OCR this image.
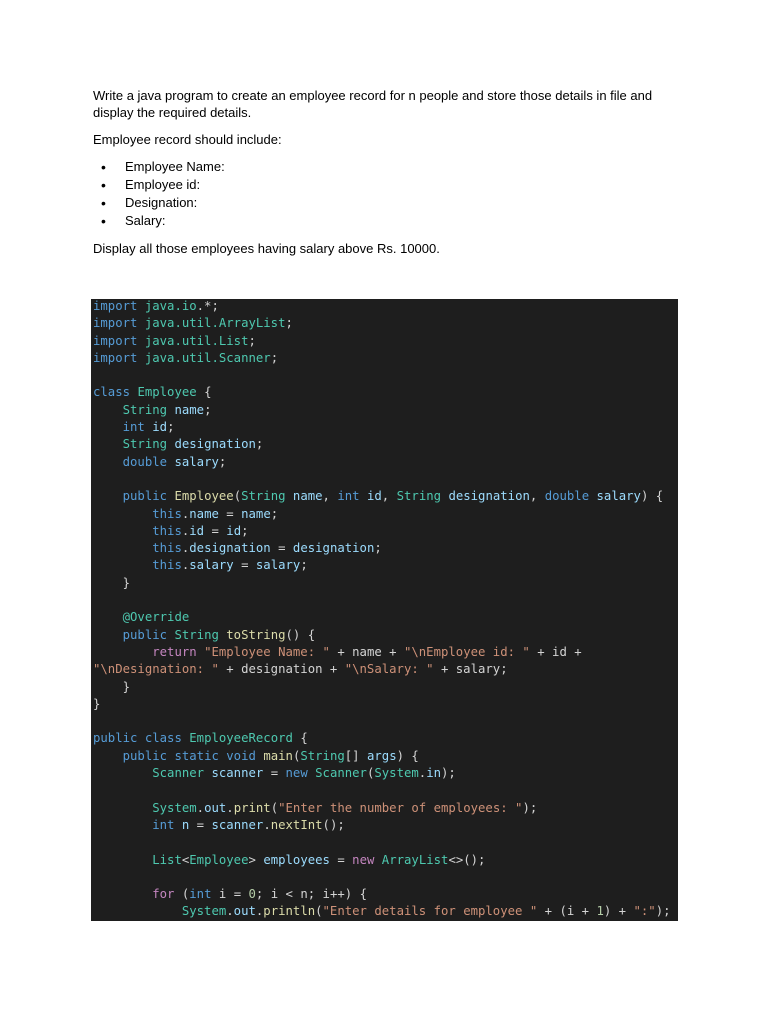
Write a java program to create an employee record for n people and store those details in file and

display the required details.

Employee record should include:

• Employee Name:
• Employee id:
• Designation:
• Salary:

Display all those employees having salary above Rs. 10000.

import java.io.*;
import java.util.ArrayList;
import java.util.List;
import java.util.Scanner;

class Employee {
String name;
int id;
String designation;
double salary;

public Employee(String name, int id, String designation, double salary) {
this.name = name;
this.id = id;
this.designation = designation;
this.salary = salary;
}

@Override
public String toString() {
return "Employee Name: " + name + "\nEmployee id: " + id +
"\nDesignation: " + designation + "\nSalary: " + salary;
}
}

public class EmployeeRecord {
public static void main(String[] args) {
Scanner scanner = new Scanner(System.in);

System.out.print("Enter the number of employees: ");
int n = scanner.nextInt();

List<Employee> employees = new ArrayList<>();

for (int i = 0; i < n; i++) {
System.out.println("Enter details for employee " + (i + 1) + ":");
